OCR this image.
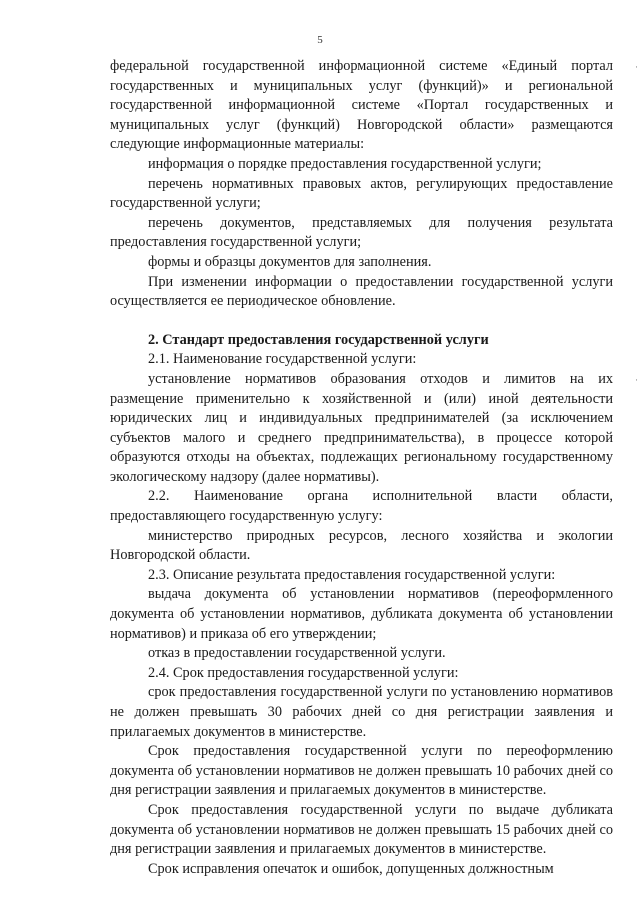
5

федеральной государственной информационной системе «Единый портал государственных и муниципальных услуг (функций)» и региональной государственной информационной системе «Портал государственных и муниципальных услуг (функций) Новгородской области» размещаются следующие информационные материалы:

информация о порядке предоставления государственной услуги;

перечень нормативных правовых актов, регулирующих предоставление государственной услуги;

перечень документов, представляемых для получения результата предоставления государственной услуги;

формы и образцы документов для заполнения.

При изменении информации о предоставлении государственной услуги осуществляется ее периодическое обновление.

2. Стандарт предоставления государственной услуги

2.1. Наименование государственной услуги:

установление нормативов образования отходов и лимитов на их размещение применительно к хозяйственной и (или) иной деятельности юридических лиц и индивидуальных предпринимателей (за исключением субъектов малого и среднего предпринимательства), в процессе которой образуются отходы на объектах, подлежащих региональному государственному экологическому надзору (далее нормативы).

2.2. Наименование органа исполнительной власти области, предоставляющего государственную услугу:

министерство природных ресурсов, лесного хозяйства и экологии Новгородской области.

2.3. Описание результата предоставления государственной услуги:

выдача документа об установлении нормативов (переоформленного документа об установлении нормативов, дубликата документа об установлении нормативов) и приказа об его утверждении;

отказ в предоставлении государственной услуги.

2.4. Срок предоставления государственной услуги:

срок предоставления государственной услуги по установлению нормативов не должен превышать 30 рабочих дней со дня регистрации заявления и прилагаемых документов в министерстве.

Срок предоставления государственной услуги по переоформлению документа об установлении нормативов не должен превышать 10 рабочих дней со дня регистрации заявления и прилагаемых документов в министерстве.

Срок предоставления государственной услуги по выдаче дубликата документа об установлении нормативов не должен превышать 15 рабочих дней со дня регистрации заявления и прилагаемых документов в министерстве.

Срок исправления опечаток и ошибок, допущенных должностным

·
·
